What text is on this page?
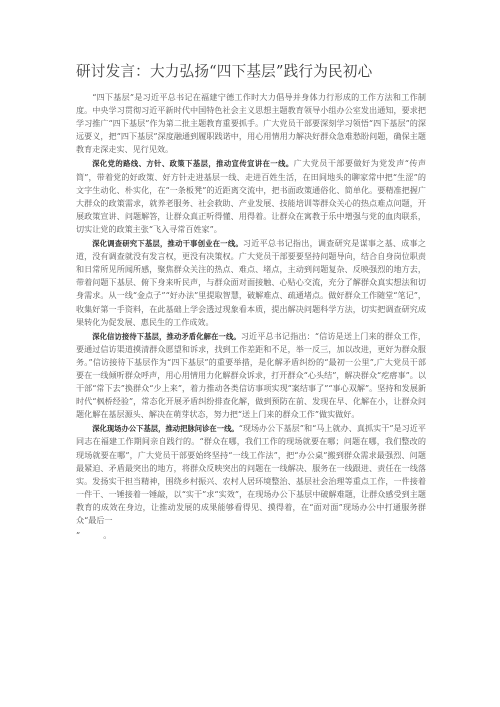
研讨发言：大力弘扬“四下基层”践行为民初心

“四下基层”是习近平总书记在福建宁德工作时大力倡导并身体力行形成的工作方法和工作制度。中央学习贯彻习近平新时代中国特色社会主义思想主题教育领导小组办公室发出通知，要求把学习推广“四下基层”作为第二批主题教育重要抓手。广大党员干部要深刻学习领悟“四下基层”的深远要义，把“四下基层”深度融通到履职践诺中，用心用情用力解决好群众急难愁盼问题，确保主题教育走深走实、见行见效。

深化党的路线、方针、政策下基层，推动宣传宣讲在一线。广大党员干部要做好为党发声“传声筒”，带着党的好政策、好方针走进基层一线、走进百姓生活，在田间地头的聊家常中把“生涩”的文字生动化、朴实化，在“一条板凳”的近距离交流中，把书面政策通俗化、简单化。要精准把握广大群众的政策需求，就养老服务、社会救助、产业发展、技能培训等群众关心的热点难点问题，开展政策宣讲、问题解答，让群众真正听得懂、用得着。让群众在寓教于乐中增强与党的血肉联系，切实让党的政策主张“飞入寻常百姓家”。

深化调查研究下基层，推动干事创业在一线。习近平总书记指出，调查研究是谋事之基、成事之道，没有调查就没有发言权，更没有决策权。广大党员干部要要坚持问题导向，结合自身岗位职责和日常所见所闻所感，聚焦群众关注的热点、难点、堵点，主动到问题复杂、反映强烈的地方去，带着问题下基层、俯下身来听民声，与群众面对面接触、心贴心交流，充分了解群众真实想法和切身需求。从一线“金点子”“好办法”里提取智慧，破解难点、疏通堵点。做好群众工作随堂“笔记”，收集好第一手资料，在此基础上学会透过现象看本质，提出解决问题科学方法，切实把调查研究成果转化为促发展、惠民生的工作成效。

深化信访接待下基层，推动矛盾化解在一线。习近平总书记指出：“信访是送上门来的群众工作，要通过信访渠道摸清群众愿望和诉求，找到工作差距和不足，举一反三，加以改进，更好为群众服务。”信访接待下基层作为“四下基层”的重要举措，是化解矛盾纠纷的“最初一公里”,广大党员干部要在一线倾听群众呼声，用心用情用力化解群众诉求，打开群众“心头结”，解决群众“疙瘩事”。以干部“常下去”换群众“少上来”，着力推动各类信访事项实现“案结事了”“事心双解”。坚持和发展新时代“枫桥经验”，常态化开展矛盾纠纷排查化解，做到预防在前、发现在早、化解在小，让群众问题化解在基层源头、解决在萌芽状态，努力把“送上门来的群众工作”做实做好。

深化现场办公下基层，推动把脉问诊在一线。“现场办公下基层”和“马上就办、真抓实干”是习近平同志在福建工作期间亲自践行的。“群众在哪，我们工作的现场就要在哪；问题在哪，我们整改的现场就要在哪”，广大党员干部要始终坚持“一线工作法”，把“办公桌”搬到群众需求最强烈、问题最紧迫、矛盾最突出的地方，将群众反映突出的问题在一线解决、服务在一线跟进、责任在一线落实。发扬实干担当精神，围绕乡村振兴、农村人居环境整治、基层社会治理等重点工作，一件接着一件干、一锤接着一锤敲，以“实干”求“实效”，在现场办公下基层中破解难题，让群众感受到主题教育的成效在身边，让推动发展的成果能够看得见、摸得着，在“面对面”现场办公中打通服务群众“最后一

”	。
